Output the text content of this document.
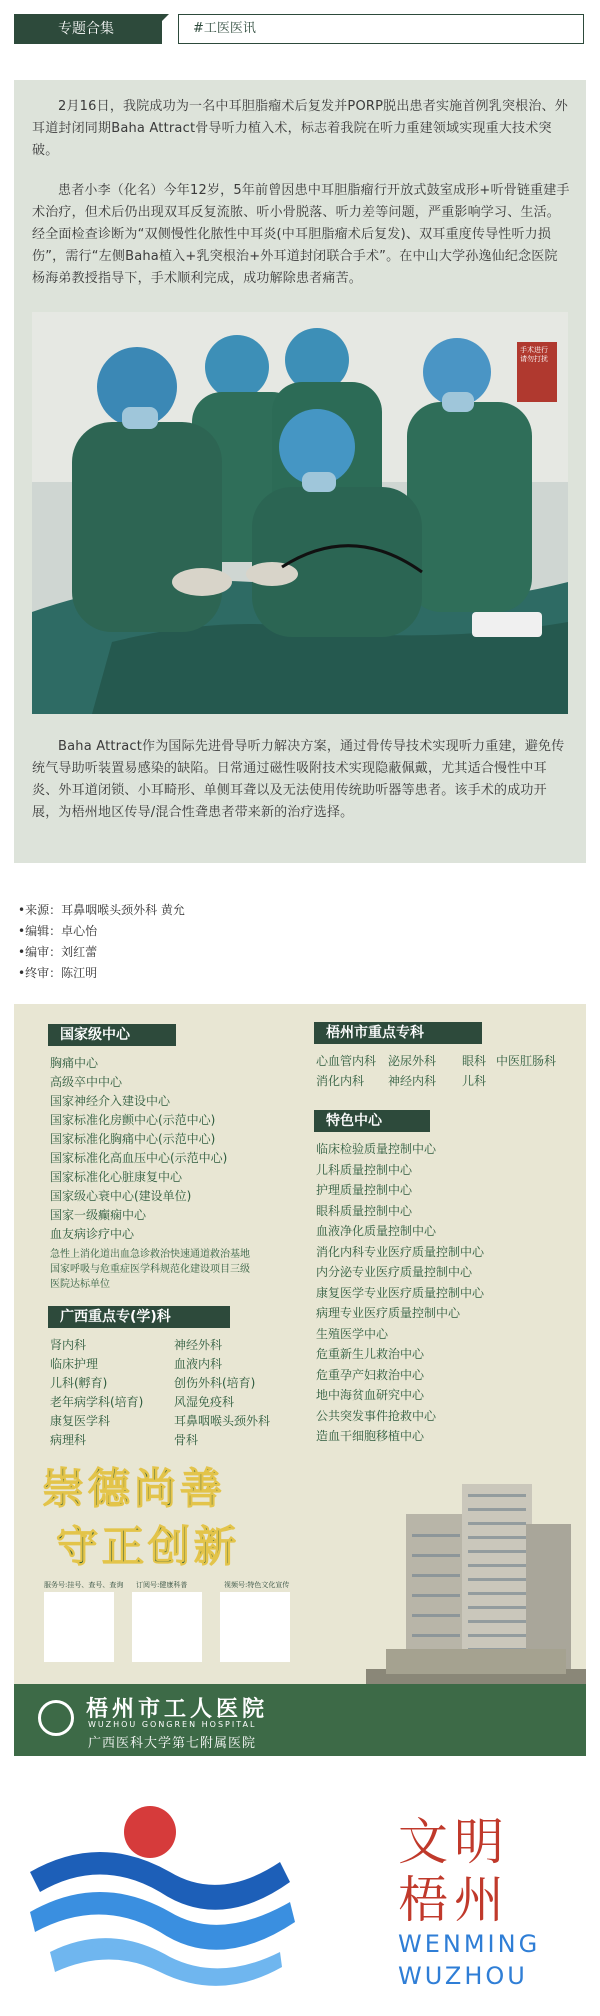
专题合集	#工医医讯
2月16日，我院成功为一名中耳胆脂瘤术后复发并PORP脱出患者实施首例乳突根治、外耳道封闭同期Baha Attract骨导听力植入术，标志着我院在听力重建领域实现重大技术突破。
患者小李（化名）今年12岁，5年前曾因患中耳胆脂瘤行开放式鼓室成形+听骨链重建手术治疗，但术后仍出现双耳反复流脓、听小骨脱落、听力差等问题，严重影响学习、生活。经全面检查诊断为“双侧慢性化脓性中耳炎(中耳胆脂瘤术后复发)、双耳重度传导性听力损伤”，需行“左侧Baha植入+乳突根治+外耳道封闭联合手术”。在中山大学孙逸仙纪念医院杨海弟教授指导下，手术顺利完成，成功解除患者痛苦。
手术进行请勿打扰
Baha Attract作为国际先进骨导听力解决方案，通过骨传导技术实现听力重建，避免传统气导助听装置易感染的缺陷。日常通过磁性吸附技术实现隐蔽佩戴，尤其适合慢性中耳炎、外耳道闭锁、小耳畸形、单侧耳聋以及无法使用传统助听器等患者。该手术的成功开展，为梧州地区传导/混合性聋患者带来新的治疗选择。
•来源：耳鼻咽喉头颈外科 黄允
•编辑：卓心怡
•编审：刘红蕾
•终审：陈江明
国家级中心
广西重点专(学)科
梧州市重点专科
特色中心
崇德尚善
守正创新
服务号:挂号、查号、查询 订阅号:健康科普	视频号:特色文化宣传
梧州市工人医院
WUZHOU GONGREN HOSPITAL
广西医科大学第七附属医院
胸痛中心
高级卒中中心
国家神经介入建设中心
国家标准化房颤中心(示范中心)
国家标准化胸痛中心(示范中心)
国家标准化高血压中心(示范中心)
国家标准化心脏康复中心
国家级心衰中心(建设单位)
国家一级癫痫中心
血友病诊疗中心
急性上消化道出血急诊救治快速通道救治基地
国家呼吸与危重症医学科规范化建设项目三级
医院达标单位
肾内科
临床护理
儿科(孵育)
老年病学科(培育)
康复医学科
病理科
神经外科
血液内科
创伤外科(培育)
风湿免疫科
耳鼻咽喉头颈外科
骨科
心血管内科 泌尿外科 眼科 中医肛肠科
消化内科 神经内科 儿科
临床检验质量控制中心
儿科质量控制中心
护理质量控制中心
眼科质量控制中心
血液净化质量控制中心
消化内科专业医疗质量控制中心
内分泌专业医疗质量控制中心
康复医学专业医疗质量控制中心
病理专业医疗质量控制中心
生殖医学中心
危重新生儿救治中心
危重孕产妇救治中心
地中海贫血研究中心
公共突发事件抢救中心
造血干细胞移植中心
文明
梧州
WENMING
WUZHOU
